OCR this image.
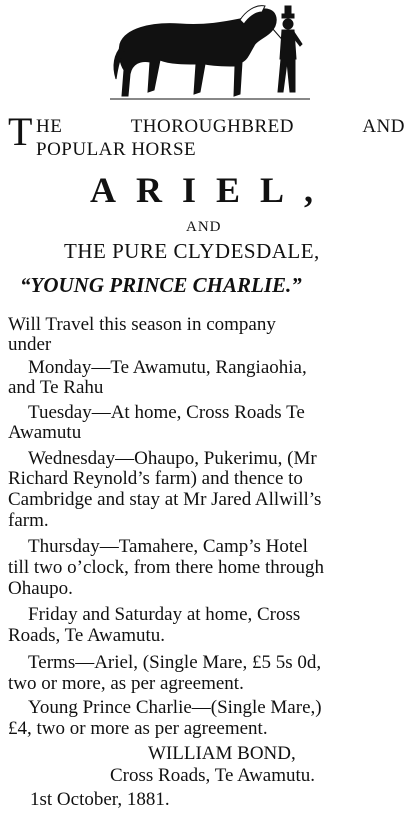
T HE	THOROUGHBRED	AND
POPULAR HORSE
ARIEL,
AND
THE PURE CLYDESDALE,
“YOUNG PRINCE CHARLIE.”
Will Travel this season in company
under
Monday—Te Awamutu, Rangiaohia,
and Te Rahu
Tuesday—At home, Cross Roads Te
Awamutu
Wednesday—Ohaupo, Pukerimu, (Mr
Richard Reynold’s farm) and thence to
Cambridge and stay at Mr Jared Allwill’s
farm.
Thursday—Tamahere, Camp’s Hotel
till two o’clock, from there home through
Ohaupo.
Friday and Saturday at home, Cross
Roads, Te Awamutu.
Terms—Ariel, (Single Mare, £5 5s 0d,
two or more, as per agreement.
Young Prince Charlie—(Single Mare,)
£4, two or more as per agreement.
WILLIAM BOND,
Cross Roads, Te Awamutu.
1st October, 1881.
